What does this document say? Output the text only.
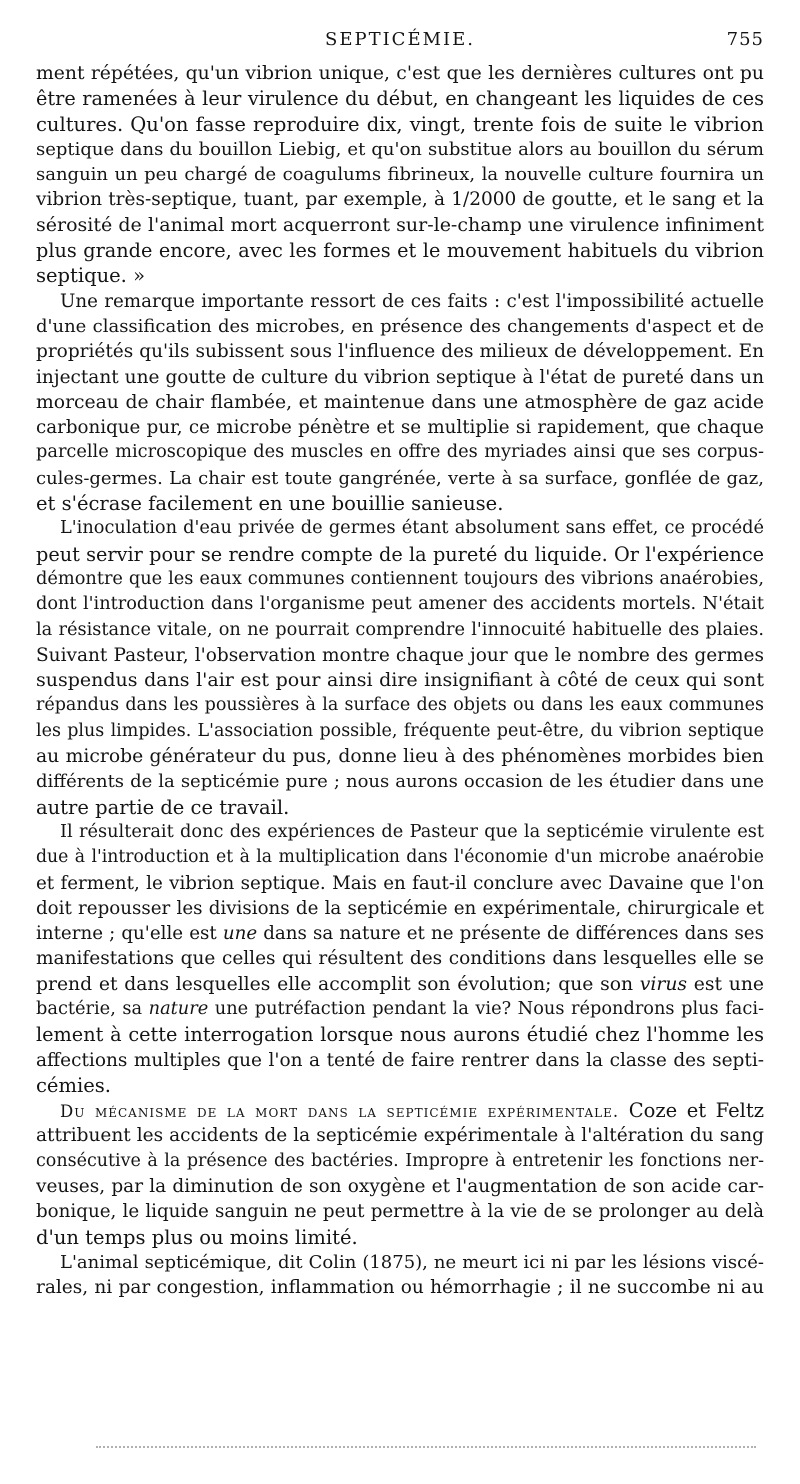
SEPTICÉMIE.	755
ment répétées, qu'un vibrion unique, c'est que les dernières cultures ont pu
être ramenées à leur virulence du début, en changeant les liquides de ces
cultures. Qu'on fasse reproduire dix, vingt, trente fois de suite le vibrion
septique dans du bouillon Liebig, et qu'on substitue alors au bouillon du sérum
sanguin un peu chargé de coagulums fibrineux, la nouvelle culture fournira un
vibrion très-septique, tuant, par exemple, à 1/2000 de goutte, et le sang et la
sérosité de l'animal mort acquerront sur-le-champ une virulence infiniment
plus grande encore, avec les formes et le mouvement habituels du vibrion
septique. »
Une remarque importante ressort de ces faits : c'est l'impossibilité actuelle
d'une classification des microbes, en présence des changements d'aspect et de
propriétés qu'ils subissent sous l'influence des milieux de développement. En
injectant une goutte de culture du vibrion septique à l'état de pureté dans un
morceau de chair flambée, et maintenue dans une atmosphère de gaz acide
carbonique pur, ce microbe pénètre et se multiplie si rapidement, que chaque
parcelle microscopique des muscles en offre des myriades ainsi que ses corpus-
cules-germes. La chair est toute gangrénée, verte à sa surface, gonflée de gaz,
et s'écrase facilement en une bouillie sanieuse.
L'inoculation d'eau privée de germes étant absolument sans effet, ce procédé
peut servir pour se rendre compte de la pureté du liquide. Or l'expérience
démontre que les eaux communes contiennent toujours des vibrions anaérobies,
dont l'introduction dans l'organisme peut amener des accidents mortels. N'était
la résistance vitale, on ne pourrait comprendre l'innocuité habituelle des plaies.
Suivant Pasteur, l'observation montre chaque jour que le nombre des germes
suspendus dans l'air est pour ainsi dire insignifiant à côté de ceux qui sont
répandus dans les poussières à la surface des objets ou dans les eaux communes
les plus limpides. L'association possible, fréquente peut-être, du vibrion septique
au microbe générateur du pus, donne lieu à des phénomènes morbides bien
différents de la septicémie pure ; nous aurons occasion de les étudier dans une
autre partie de ce travail.
Il résulterait donc des expériences de Pasteur que la septicémie virulente est
due à l'introduction et à la multiplication dans l'économie d'un microbe anaérobie
et ferment, le vibrion septique. Mais en faut-il conclure avec Davaine que l'on
doit repousser les divisions de la septicémie en expérimentale, chirurgicale et
interne ; qu'elle est une dans sa nature et ne présente de différences dans ses
manifestations que celles qui résultent des conditions dans lesquelles elle se
prend et dans lesquelles elle accomplit son évolution; que son virus est une
bactérie, sa nature une putréfaction pendant la vie? Nous répondrons plus faci-
lement à cette interrogation lorsque nous aurons étudié chez l'homme les
affections multiples que l'on a tenté de faire rentrer dans la classe des septi-
cémies.
Du mécanisme de la mort dans la septicémie expérimentale. Coze et Feltz
attribuent les accidents de la septicémie expérimentale à l'altération du sang
consécutive à la présence des bactéries. Impropre à entretenir les fonctions ner-
veuses, par la diminution de son oxygène et l'augmentation de son acide car-
bonique, le liquide sanguin ne peut permettre à la vie de se prolonger au delà
d'un temps plus ou moins limité.
L'animal septicémique, dit Colin (1875), ne meurt ici ni par les lésions viscé-
rales, ni par congestion, inflammation ou hémorrhagie ; il ne succombe ni au
